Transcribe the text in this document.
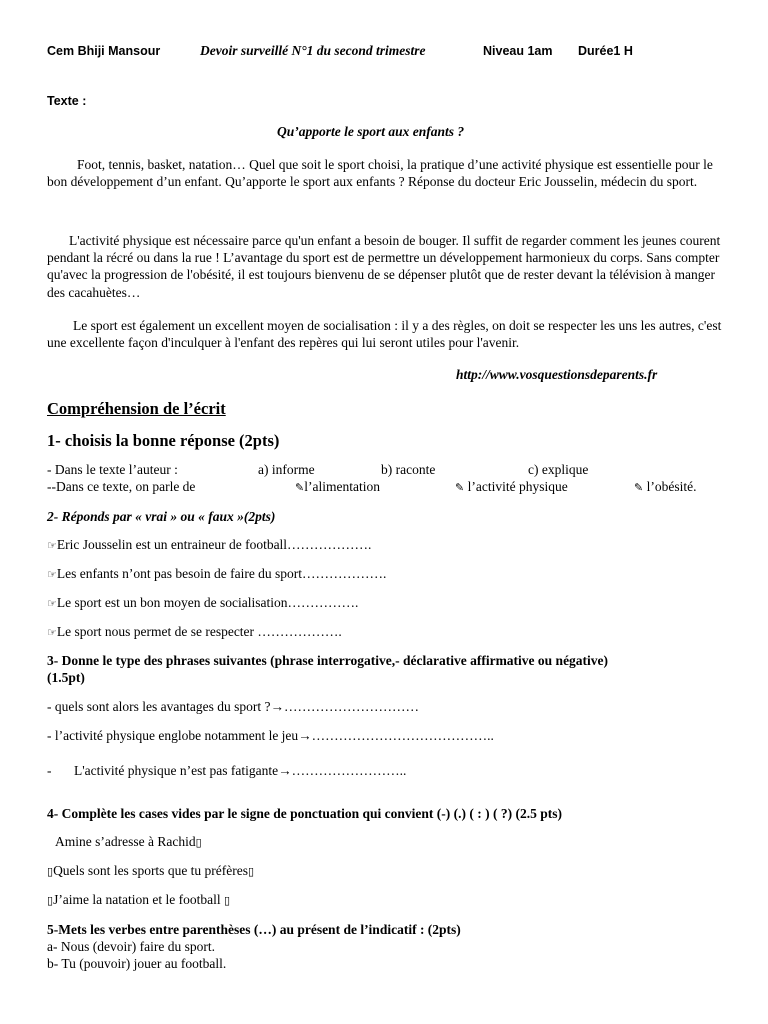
Cem Bhiji Mansour	Devoir surveillé N°1 du second trimestre	Niveau 1am Durée1 H
Texte :
Qu’apporte le sport aux enfants ?

Foot, tennis, basket, natation… Quel que soit le sport choisi, la pratique d’une activité physique est essentielle pour le bon développement d’un enfant. Qu’apporte le sport aux enfants ? Réponse du docteur Eric Jousselin, médecin du sport.

L'activité physique est nécessaire parce qu'un enfant a besoin de bouger. Il suffit de regarder comment les jeunes courent pendant la récré ou dans la rue ! L’avantage du sport est de permettre un développement harmonieux du corps. Sans compter qu'avec la progression de l'obésité, il est toujours bienvenu de se dépenser plutôt que de rester devant la télévision à manger des cacahuètes…

Le sport est également un excellent moyen de socialisation : il y a des règles, on doit se respecter les uns les autres, c'est une excellente façon d'inculquer à l'enfant des repères qui lui seront utiles pour l'avenir.

http://www.vosquestionsdeparents.fr
Compréhension de l’écrit
1- choisis la bonne réponse (2pts)
- Dans le texte l’auteur :	a) informe	b) raconte	c) explique
--Dans ce texte, on parle de	✎l’alimentation	✎ l’activité physique	✎ l’obésité.
2- Réponds par « vrai » ou « faux »(2pts)
☞Eric Jousselin est un entraineur de football……………….
☞Les enfants n’ont pas besoin de faire du sport……………….
☞Le sport est un bon moyen de socialisation…………….
☞Le sport nous permet de se respecter ……………….
3- Donne le type des phrases suivantes (phrase interrogative,- déclarative affirmative ou négative)
(1.5pt)
- quels sont alors les avantages du sport ?→…………………………
- l’activité physique englobe notamment le jeu→…………………………………..
- L'activité physique n’est pas fatigante→……………………..
4- Complète les cases vides par le signe de ponctuation qui convient (-) (.) ( : ) ( ?) (2.5 pts)
Amine s’adresse à Rachid▯
▯Quels sont les sports que tu préfères▯
▯J’aime la natation et le football ▯
5-Mets les verbes entre parenthèses (…) au présent de l’indicatif : (2pts)
a- Nous (devoir) faire du sport.
b- Tu (pouvoir) jouer au football.
